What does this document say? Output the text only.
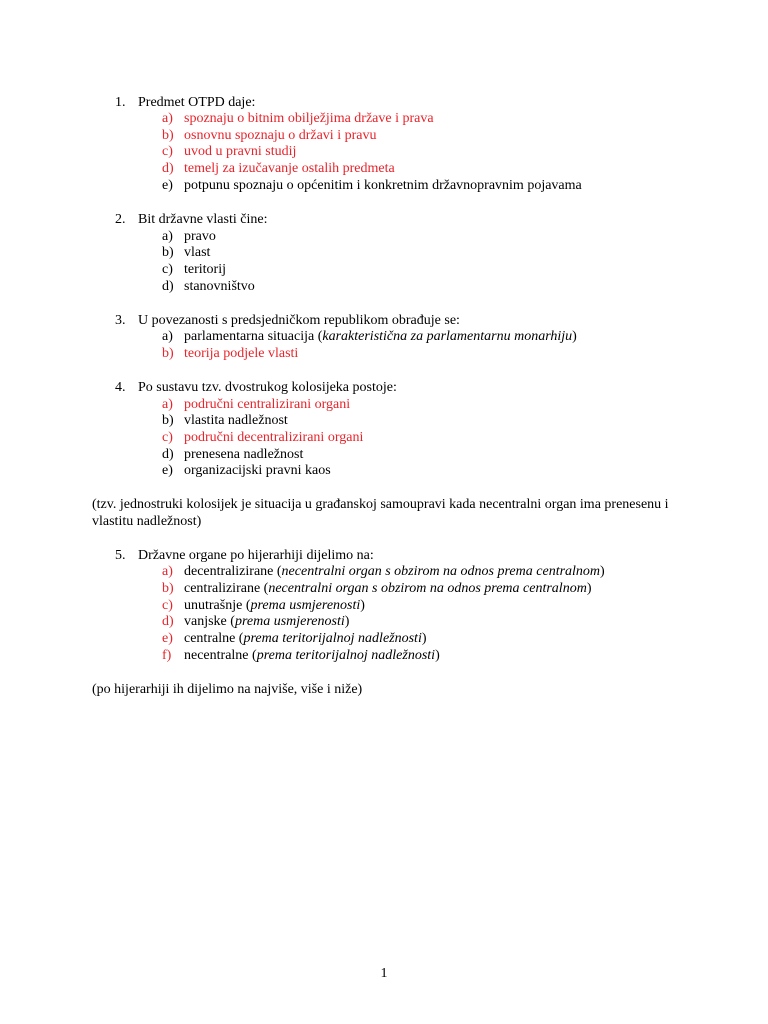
1. Predmet OTPD daje:
a) spoznaju o bitnim obilježjima države i prava
b) osnovnu spoznaju o državi i pravu
c) uvod u pravni studij
d) temelj za izučavanje ostalih predmeta
e) potpunu spoznaju o općenitim i konkretnim državnopravnim pojavama
2. Bit državne vlasti čine:
a) pravo
b) vlast
c) teritorij
d) stanovništvo
3. U povezanosti s predsjedničkom republikom obrađuje se:
a) parlamentarna situacija (karakteristična za parlamentarnu monarhiju)
b) teorija podjele vlasti
4. Po sustavu tzv. dvostrukog kolosijeka postoje:
a) područni centralizirani organi
b) vlastita nadležnost
c) područni decentralizirani organi
d) prenesena nadležnost
e) organizacijski pravni kaos
(tzv. jednostruki kolosijek je situacija u građanskoj samoupravi kada necentralni organ ima prenesenu i vlastitu nadležnost)
5. Državne organe po hijerarhiji dijelimo na:
a) decentralizirane (necentralni organ s obzirom na odnos prema centralnom)
b) centralizirane (necentralni organ s obzirom na odnos prema centralnom)
c) unutrašnje (prema usmjerenosti)
d) vanjske (prema usmjerenosti)
e) centralne (prema teritorijalnoj nadležnosti)
f) necentralne (prema teritorijalnoj nadležnosti)
(po hijerarhiji ih dijelimo na najviše, više i niže)
1
